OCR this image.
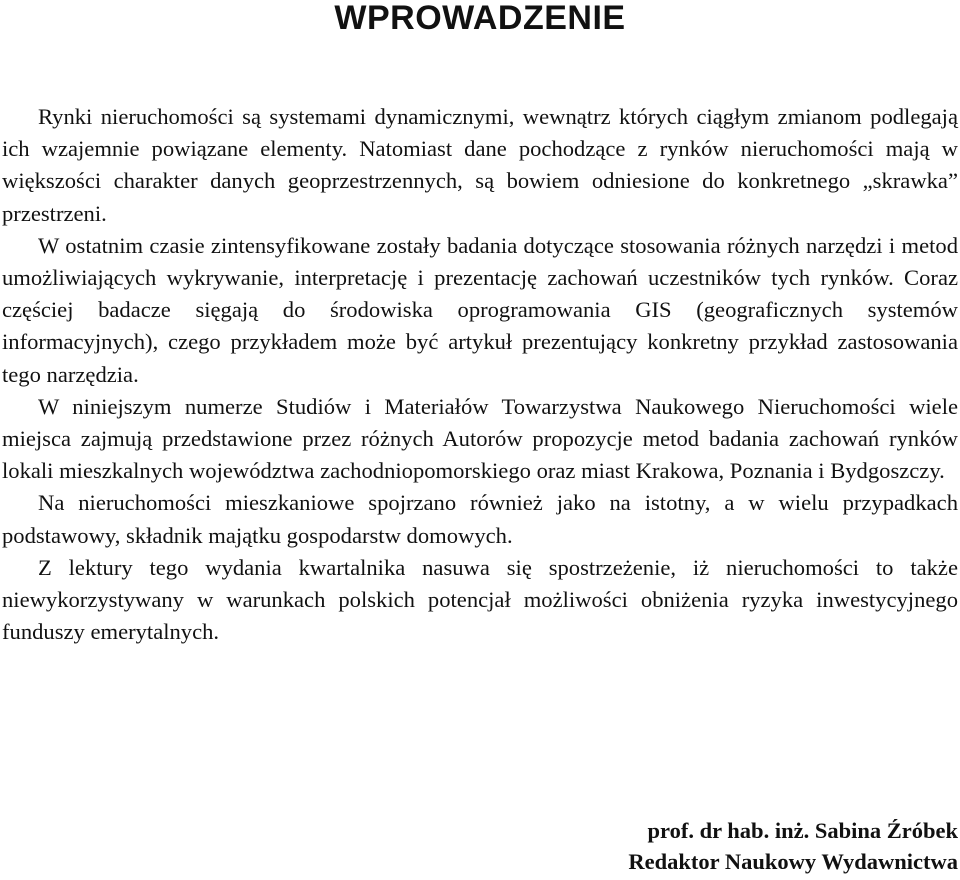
WPROWADZENIE

Rynki nieruchomości są systemami dynamicznymi, wewnątrz których ciągłym zmianom podlegają ich wzajemnie powiązane elementy. Natomiast dane pochodzące z rynków nieruchomości mają w większości charakter danych geoprzestrzennych, są bowiem odniesione do konkretnego „skrawka” przestrzeni.

W ostatnim czasie zintensyfikowane zostały badania dotyczące stosowania różnych narzędzi i metod umożliwiających wykrywanie, interpretację i prezentację zachowań uczestników tych rynków. Coraz częściej badacze sięgają do środowiska oprogramowania GIS (geograficznych systemów informacyjnych), czego przykładem może być artykuł prezentujący konkretny przykład zastosowania tego narzędzia.

W niniejszym numerze Studiów i Materiałów Towarzystwa Naukowego Nieruchomości wiele miejsca zajmują przedstawione przez różnych Autorów propozycje metod badania zachowań rynków lokali mieszkalnych województwa zachodniopomorskiego oraz miast Krakowa, Poznania i Bydgoszczy.

Na nieruchomości mieszkaniowe spojrzano również jako na istotny, a w wielu przypadkach podstawowy, składnik majątku gospodarstw domowych.

Z lektury tego wydania kwartalnika nasuwa się spostrzeżenie, iż nieruchomości to także niewykorzystywany w warunkach polskich potencjał możliwości obniżenia ryzyka inwestycyjnego funduszy emerytalnych.

prof. dr hab. inż. Sabina Źróbek
Redaktor Naukowy Wydawnictwa
